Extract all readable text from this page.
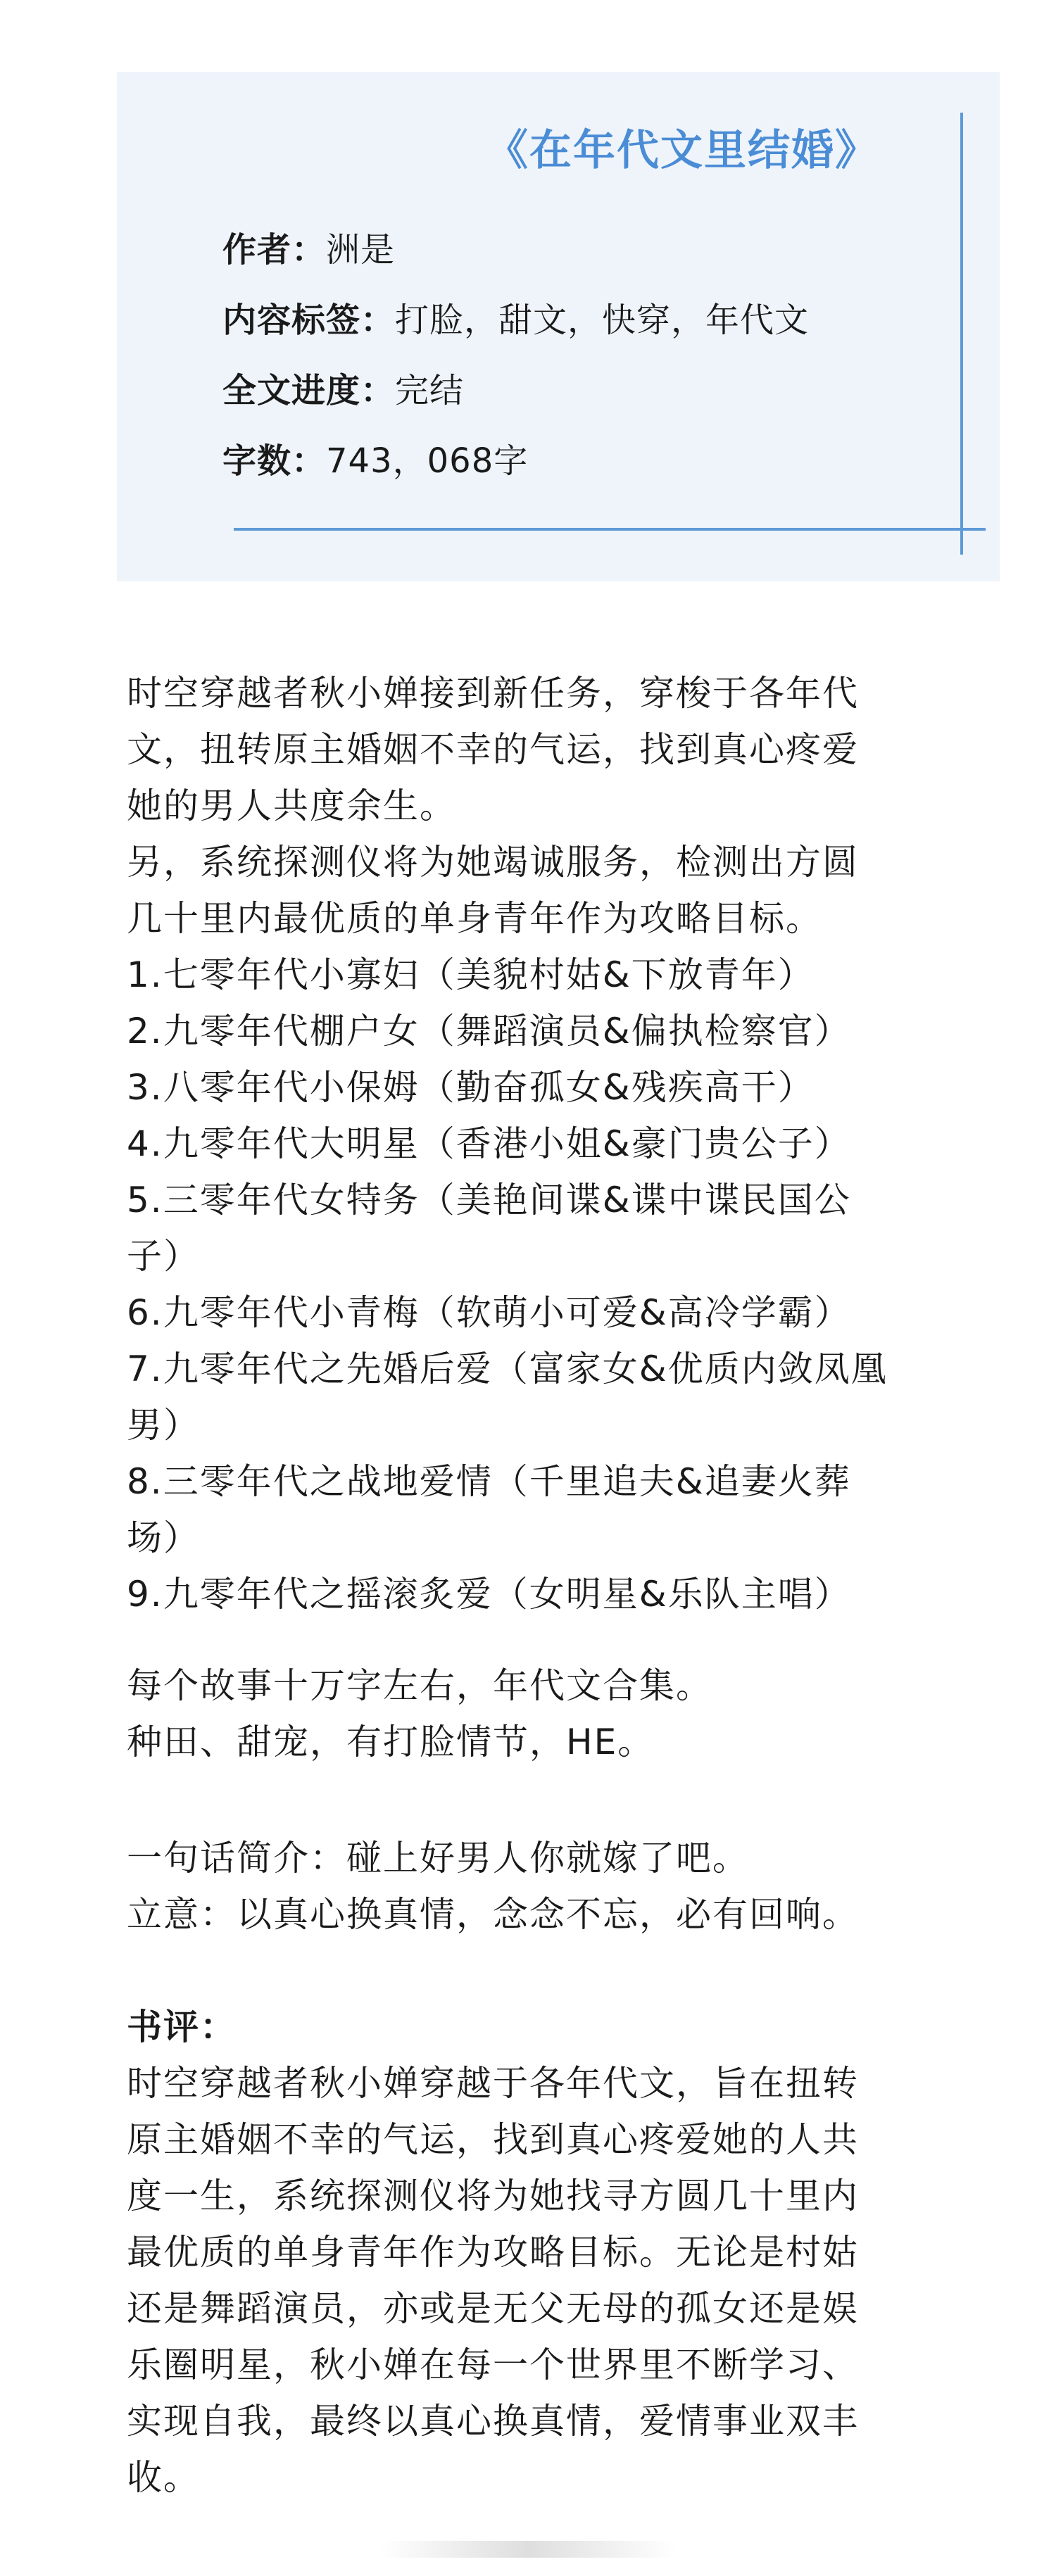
《在年代文里结婚》
作者：洲是
内容标签：打脸，甜文，快穿，年代文
全文进度：完结
字数：743，068字
时空穿越者秋小婵接到新任务，穿梭于各年代
文，扭转原主婚姻不幸的气运，找到真心疼爱
她的男人共度余生。
另，系统探测仪将为她竭诚服务，检测出方圆
几十里内最优质的单身青年作为攻略目标。
1.七零年代小寡妇（美貌村姑&下放青年）
2.九零年代棚户女（舞蹈演员&偏执检察官）
3.八零年代小保姆（勤奋孤女&残疾高干）
4.九零年代大明星（香港小姐&豪门贵公子）
5.三零年代女特务（美艳间谍&谍中谍民国公
子）
6.九零年代小青梅（软萌小可爱&高冷学霸）
7.九零年代之先婚后爱（富家女&优质内敛凤凰
男）
8.三零年代之战地爱情（千里追夫&追妻火葬
场）
9.九零年代之摇滚炙爱（女明星&乐队主唱）
每个故事十万字左右，年代文合集。
种田、甜宠，有打脸情节，HE。
一句话简介：碰上好男人你就嫁了吧。
立意：以真心换真情，念念不忘，必有回响。
书评：
时空穿越者秋小婵穿越于各年代文，旨在扭转
原主婚姻不幸的气运，找到真心疼爱她的人共
度一生，系统探测仪将为她找寻方圆几十里内
最优质的单身青年作为攻略目标。无论是村姑
还是舞蹈演员，亦或是无父无母的孤女还是娱
乐圈明星，秋小婵在每一个世界里不断学习、
实现自我，最终以真心换真情，爱情事业双丰
收。
